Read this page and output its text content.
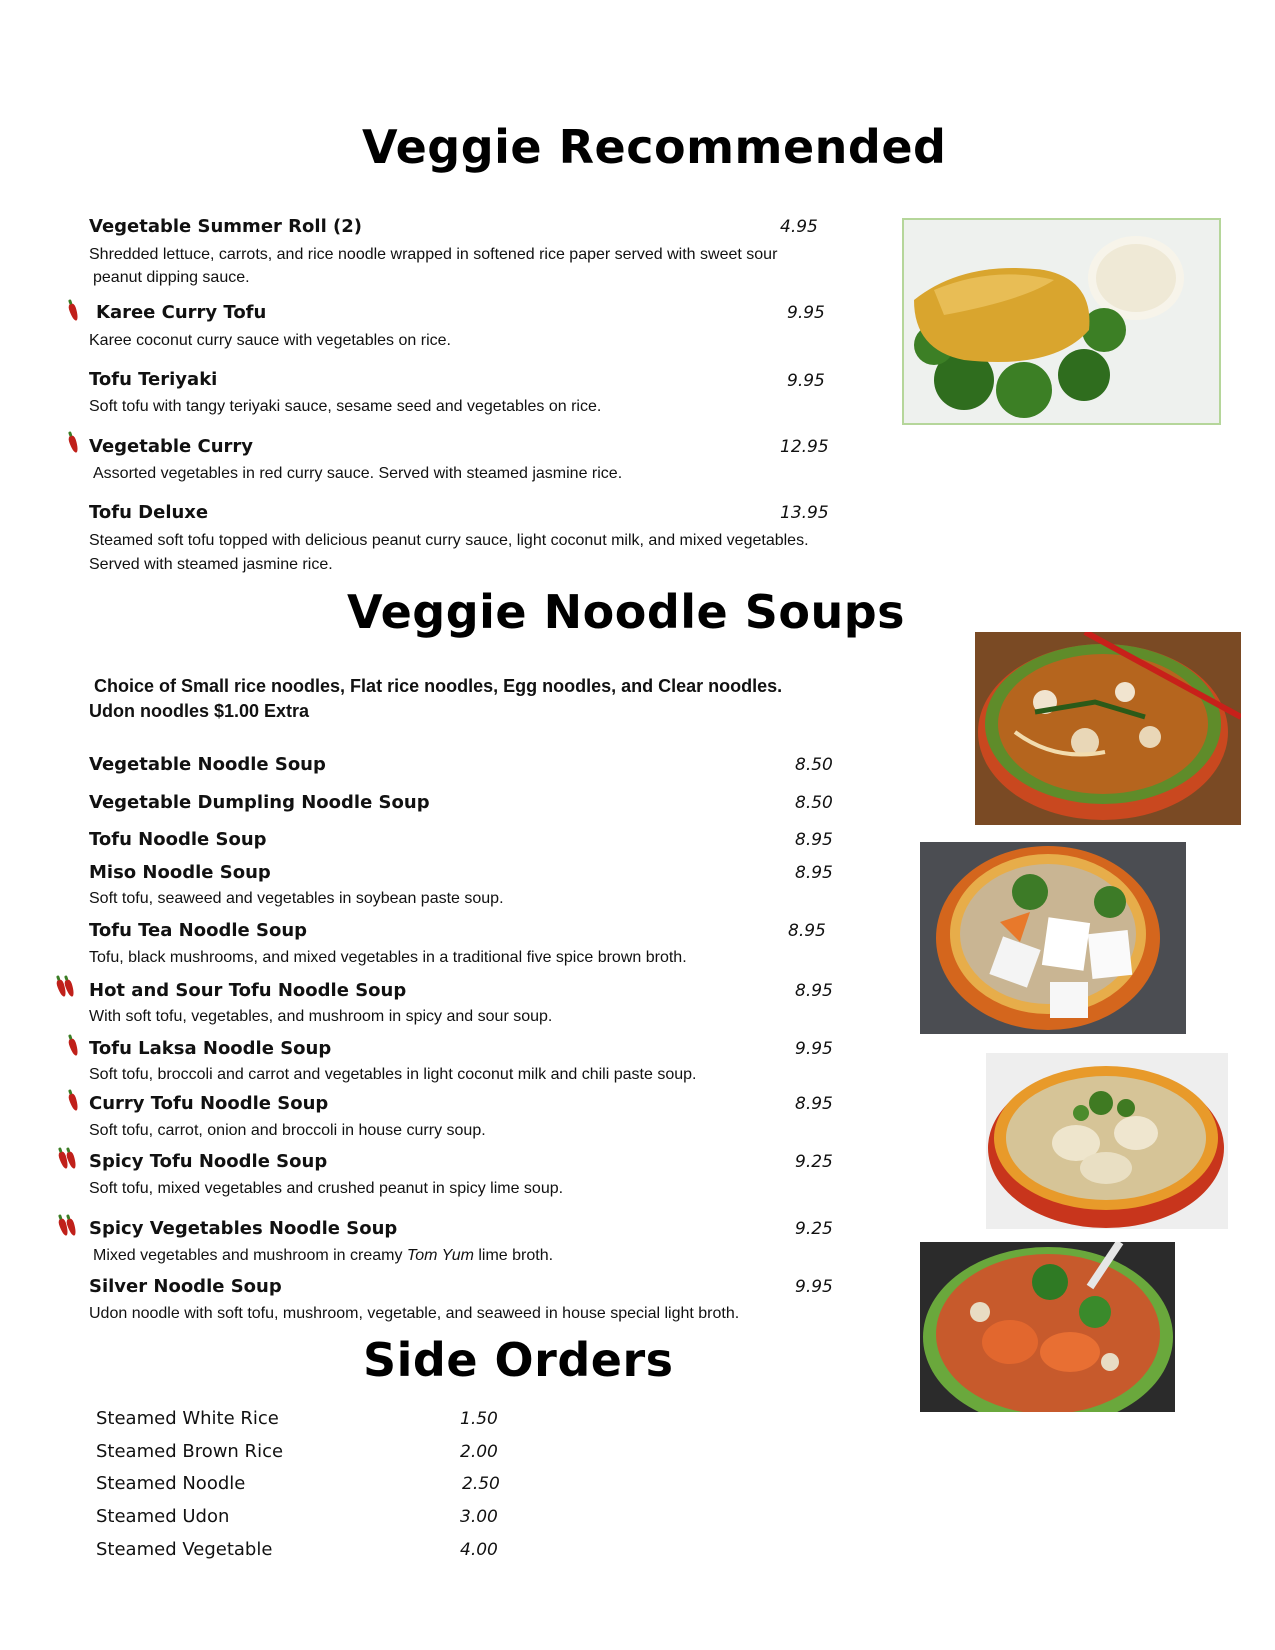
Veggie Recommended
Vegetable Summer Roll (2)	4.95
Shredded lettuce, carrots, and rice noodle wrapped in softened rice paper served with sweet sour
peanut dipping sauce.
Karee Curry Tofu	9.95
Karee coconut curry sauce with vegetables on rice.
Tofu Teriyaki	9.95
Soft tofu with tangy teriyaki sauce, sesame seed and vegetables on rice.
Vegetable Curry	12.95
Assorted vegetables in red curry sauce. Served with steamed jasmine rice.
Tofu Deluxe	13.95
Steamed soft tofu topped with delicious peanut curry sauce, light coconut milk, and mixed vegetables.
Served with steamed jasmine rice.
Veggie Noodle Soups
Choice of Small rice noodles, Flat rice noodles, Egg noodles, and Clear noodles.
Udon noodles $1.00 Extra
Vegetable Noodle Soup	8.50
Vegetable Dumpling Noodle Soup	8.50
Tofu Noodle Soup	8.95
Miso Noodle Soup	8.95
Soft tofu, seaweed and vegetables in soybean paste soup.
Tofu Tea Noodle Soup	8.95
Tofu, black mushrooms, and mixed vegetables in a traditional five spice brown broth.
Hot and Sour Tofu Noodle Soup	8.95
With soft tofu, vegetables, and mushroom in spicy and sour soup.
Tofu Laksa Noodle Soup	9.95
Soft tofu, broccoli and carrot and vegetables in light coconut milk and chili paste soup.
Curry Tofu Noodle Soup	8.95
Soft tofu, carrot, onion and broccoli in house curry soup.
Spicy Tofu Noodle Soup	9.25
Soft tofu, mixed vegetables and crushed peanut in spicy lime soup.
Spicy Vegetables Noodle Soup	9.25
Mixed vegetables and mushroom in creamy Tom Yum lime broth.
Silver Noodle Soup	9.95
Udon noodle with soft tofu, mushroom, vegetable, and seaweed in house special light broth.
Side Orders
Steamed White Rice	1.50
Steamed Brown Rice	2.00
Steamed Noodle	2.50
Steamed Udon	3.00
Steamed Vegetable	4.00
